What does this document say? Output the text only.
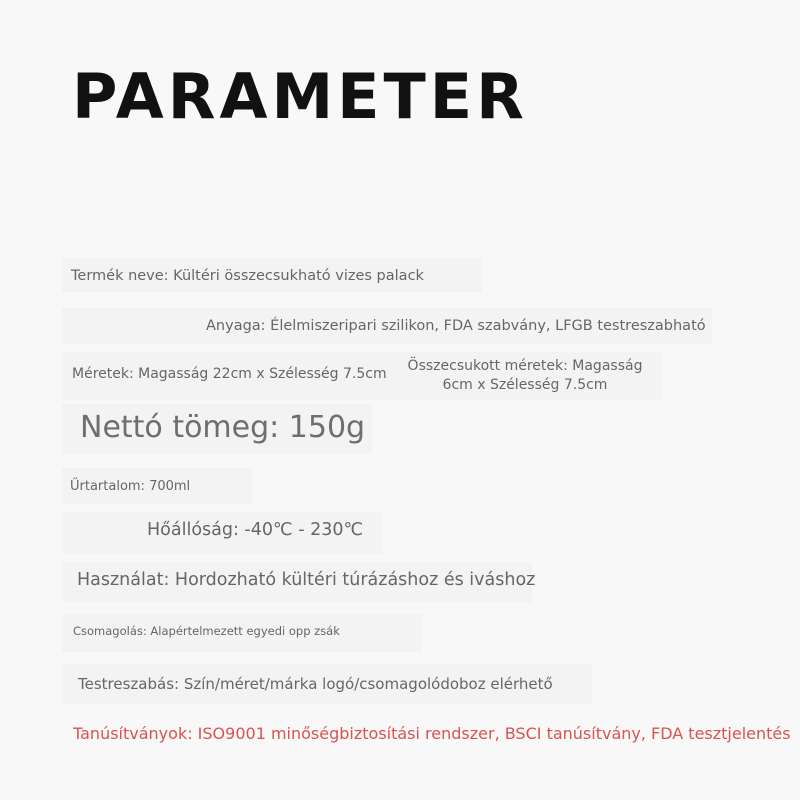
PARAMETER
Termék neve: Kültéri összecsukható vizes palack
Anyaga: Élelmiszeripari szilikon, FDA szabvány, LFGB testreszabható
Méretek: Magasság 22cm x Szélesség 7.5cm Összecsukott méretek: Magasság 6cm x Szélesség 7.5cm
Nettó tömeg: 150g
Űrtartalom: 700ml
Hőállóság: -40℃ - 230℃
Használat: Hordozható kültéri túrázáshoz és iváshoz
Csomagolás: Alapértelmezett egyedi opp zsák
Testreszabás: Szín/méret/márka logó/csomagolódoboz elérhető
Tanúsítványok: ISO9001 minőségbiztosítási rendszer, BSCI tanúsítvány, FDA tesztjelentés
